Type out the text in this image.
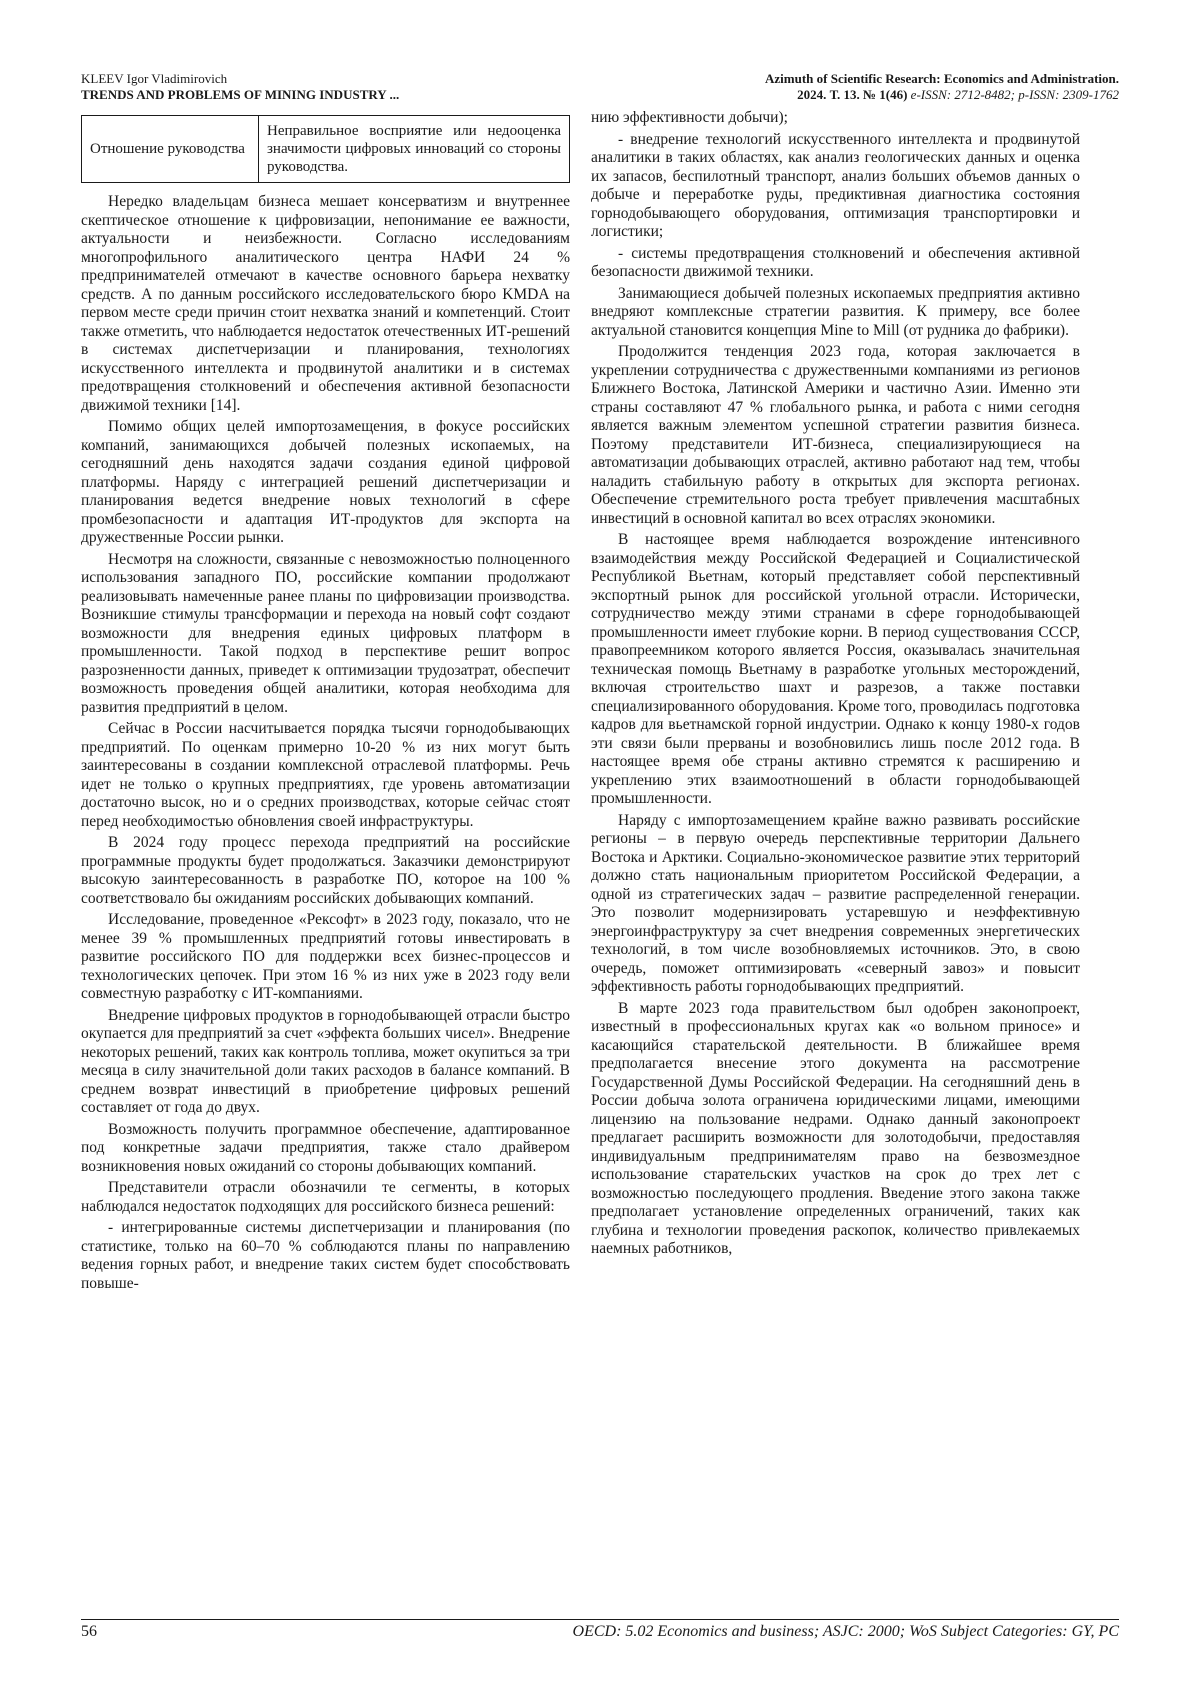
KLEEV Igor Vladimirovich
TRENDS AND PROBLEMS OF MINING INDUSTRY ...
Azimuth of Scientific Research: Economics and Administration.
2024. Т. 13. № 1(46) e-ISSN: 2712-8482; p-ISSN: 2309-1762
Отношение руководства	Неправильное восприятие или недооценка значимости цифровых инноваций со стороны руководства.

Нередко владельцам бизнеса мешает консерватизм и внутреннее скептическое отношение к цифровизации, непонимание ее важности, актуальности и неизбежности. Согласно исследованиям многопрофильного аналитического центра НАФИ 24 % предпринимателей отмечают в качестве основного барьера нехватку средств. А по данным российского исследовательского бюро KMDA на первом месте среди причин стоит нехватка знаний и компетенций. Стоит также отметить, что наблюдается недостаток отечественных ИТ-решений в системах диспетчеризации и планирования, технологиях искусственного интеллекта и продвинутой аналитики и в системах предотвращения столкновений и обеспечения активной безопасности движимой техники [14].

Помимо общих целей импортозамещения, в фокусе российских компаний, занимающихся добычей полезных ископаемых, на сегодняшний день находятся задачи создания единой цифровой платформы. Наряду с интеграцией решений диспетчеризации и планирования ведется внедрение новых технологий в сфере промбезопасности и адаптация ИТ-продуктов для экспорта на дружественные России рынки.

Несмотря на сложности, связанные с невозможностью полноценного использования западного ПО, российские компании продолжают реализовывать намеченные ранее планы по цифровизации производства. Возникшие стимулы трансформации и перехода на новый софт создают возможности для внедрения единых цифровых платформ в промышленности. Такой подход в перспективе решит вопрос разрозненности данных, приведет к оптимизации трудозатрат, обеспечит возможность проведения общей аналитики, которая необходима для развития предприятий в целом.

Сейчас в России насчитывается порядка тысячи горнодобывающих предприятий. По оценкам примерно 10-20 % из них могут быть заинтересованы в создании комплексной отраслевой платформы. Речь идет не только о крупных предприятиях, где уровень автоматизации достаточно высок, но и о средних производствах, которые сейчас стоят перед необходимостью обновления своей инфраструктуры.

В 2024 году процесс перехода предприятий на российские программные продукты будет продолжаться. Заказчики демонстрируют высокую заинтересованность в разработке ПО, которое на 100 % соответствовало бы ожиданиям российских добывающих компаний.

Исследование, проведенное «Рексофт» в 2023 году, показало, что не менее 39 % промышленных предприятий готовы инвестировать в развитие российского ПО для поддержки всех бизнес-процессов и технологических цепочек. При этом 16 % из них уже в 2023 году вели совместную разработку с ИТ-компаниями.

Внедрение цифровых продуктов в горнодобывающей отрасли быстро окупается для предприятий за счет «эффекта больших чисел». Внедрение некоторых решений, таких как контроль топлива, может окупиться за три месяца в силу значительной доли таких расходов в балансе компаний. В среднем возврат инвестиций в приобретение цифровых решений составляет от года до двух.

Возможность получить программное обеспечение, адаптированное под конкретные задачи предприятия, также стало драйвером возникновения новых ожиданий со стороны добывающих компаний.

Представители отрасли обозначили те сегменты, в которых наблюдался недостаток подходящих для российского бизнеса решений:

- интегрированные системы диспетчеризации и планирования (по статистике, только на 60–70 % соблюдаются планы по направлению ведения горных работ, и внедрение таких систем будет способствовать повыше-

нию эффективности добычи);

- внедрение технологий искусственного интеллекта и продвинутой аналитики в таких областях, как анализ геологических данных и оценка их запасов, беспилотный транспорт, анализ больших объемов данных о добыче и переработке руды, предиктивная диагностика состояния горнодобывающего оборудования, оптимизация транспортировки и логистики;

- системы предотвращения столкновений и обеспечения активной безопасности движимой техники.

Занимающиеся добычей полезных ископаемых предприятия активно внедряют комплексные стратегии развития. К примеру, все более актуальной становится концепция Mine to Mill (от рудника до фабрики).

Продолжится тенденция 2023 года, которая заключается в укреплении сотрудничества с дружественными компаниями из регионов Ближнего Востока, Латинской Америки и частично Азии. Именно эти страны составляют 47 % глобального рынка, и работа с ними сегодня является важным элементом успешной стратегии развития бизнеса. Поэтому представители ИТ-бизнеса, специализирующиеся на автоматизации добывающих отраслей, активно работают над тем, чтобы наладить стабильную работу в открытых для экспорта регионах. Обеспечение стремительного роста требует привлечения масштабных инвестиций в основной капитал во всех отраслях экономики.

В настоящее время наблюдается возрождение интенсивного взаимодействия между Российской Федерацией и Социалистической Республикой Вьетнам, который представляет собой перспективный экспортный рынок для российской угольной отрасли. Исторически, сотрудничество между этими странами в сфере горнодобывающей промышленности имеет глубокие корни. В период существования СССР, правопреемником которого является Россия, оказывалась значительная техническая помощь Вьетнаму в разработке угольных месторождений, включая строительство шахт и разрезов, а также поставки специализированного оборудования. Кроме того, проводилась подготовка кадров для вьетнамской горной индустрии. Однако к концу 1980-х годов эти связи были прерваны и возобновились лишь после 2012 года. В настоящее время обе страны активно стремятся к расширению и укреплению этих взаимоотношений в области горнодобывающей промышленности.

Наряду с импортозамещением крайне важно развивать российские регионы – в первую очередь перспективные территории Дальнего Востока и Арктики. Социально-экономическое развитие этих территорий должно стать национальным приоритетом Российской Федерации, а одной из стратегических задач – развитие распределенной генерации. Это позволит модернизировать устаревшую и неэффективную энергоинфраструктуру за счет внедрения современных энергетических технологий, в том числе возобновляемых источников. Это, в свою очередь, поможет оптимизировать «северный завоз» и повысит эффективность работы горнодобывающих предприятий.

В марте 2023 года правительством был одобрен законопроект, известный в профессиональных кругах как «о вольном приносе» и касающийся старательской деятельности. В ближайшее время предполагается внесение этого документа на рассмотрение Государственной Думы Российской Федерации. На сегодняшний день в России добыча золота ограничена юридическими лицами, имеющими лицензию на пользование недрами. Однако данный законопроект предлагает расширить возможности для золотодобычи, предоставляя индивидуальным предпринимателям право на безвозмездное использование старательских участков на срок до трех лет с возможностью последующего продления. Введение этого закона также предполагает установление определенных ограничений, таких как глубина и технологии проведения раскопок, количество привлекаемых наемных работников,

56	OECD: 5.02 Economics and business; ASJC: 2000; WoS Subject Categories: GY, PC
